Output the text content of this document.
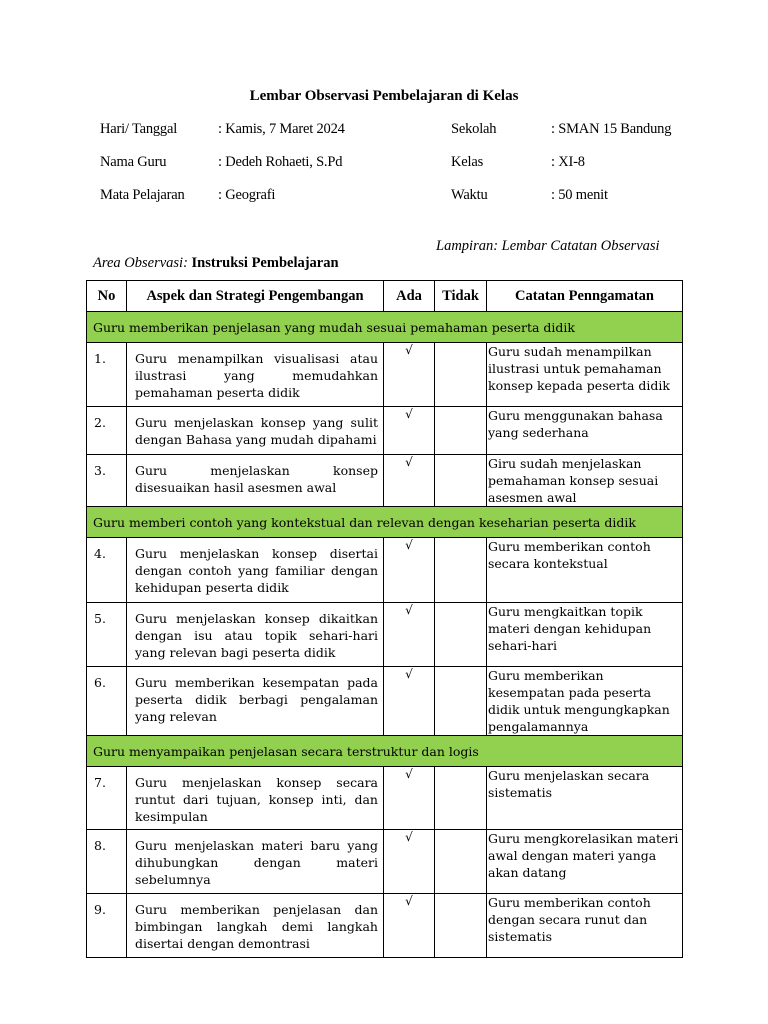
Lembar Observasi Pembelajaran di Kelas
Hari/ Tanggal	: Kamis, 7 Maret 2024	Sekolah	: SMAN 15 Bandung
Nama Guru	: Dedeh Rohaeti, S.Pd	Kelas	: XI-8
Mata Pelajaran : Geografi	Waktu	: 50 menit
Lampiran: Lembar Catatan Observasi
Area Observasi: Instruksi Pembelajaran
No	Aspek dan Strategi Pengembangan	Ada	Tidak	Catatan Penngamatan
Guru memberikan penjelasan yang mudah sesuai pemahaman peserta didik				
1.	Guru menampilkan visualisasi atau ilustrasi yang memudahkan pemahaman peserta didik	√		Guru sudah menampilkan ilustrasi untuk pemahaman konsep kepada peserta didik
2.	Guru menjelaskan konsep yang sulit dengan Bahasa yang mudah dipahami	√		Guru menggunakan bahasa yang sederhana
3.	Guru menjelaskan konsep disesuaikan hasil asesmen awal	√		Giru sudah menjelaskan pemahaman konsep sesuai asesmen awal
Guru memberi contoh yang kontekstual dan relevan dengan keseharian peserta didik				
4.	Guru menjelaskan konsep disertai dengan contoh yang familiar dengan kehidupan peserta didik	√		Guru memberikan contoh secara kontekstual
5.	Guru menjelaskan konsep dikaitkan dengan isu atau topik sehari-hari yang relevan bagi peserta didik	√		Guru mengkaitkan topik materi dengan kehidupan sehari-hari
6.	Guru memberikan kesempatan pada peserta didik berbagi pengalaman yang relevan	√		Guru memberikan kesempatan pada peserta didik untuk mengungkapkan pengalamannya
Guru menyampaikan penjelasan secara terstruktur dan logis				
7.	Guru menjelaskan konsep secara runtut dari tujuan, konsep inti, dan kesimpulan	√		Guru menjelaskan secara sistematis
8.	Guru menjelaskan materi baru yang dihubungkan dengan materi sebelumnya	√		Guru mengkorelasikan materi awal dengan materi yanga akan datang
9.	Guru memberikan penjelasan dan bimbingan langkah demi langkah disertai dengan demontrasi	√		Guru memberikan contoh dengan secara runut dan sistematis
